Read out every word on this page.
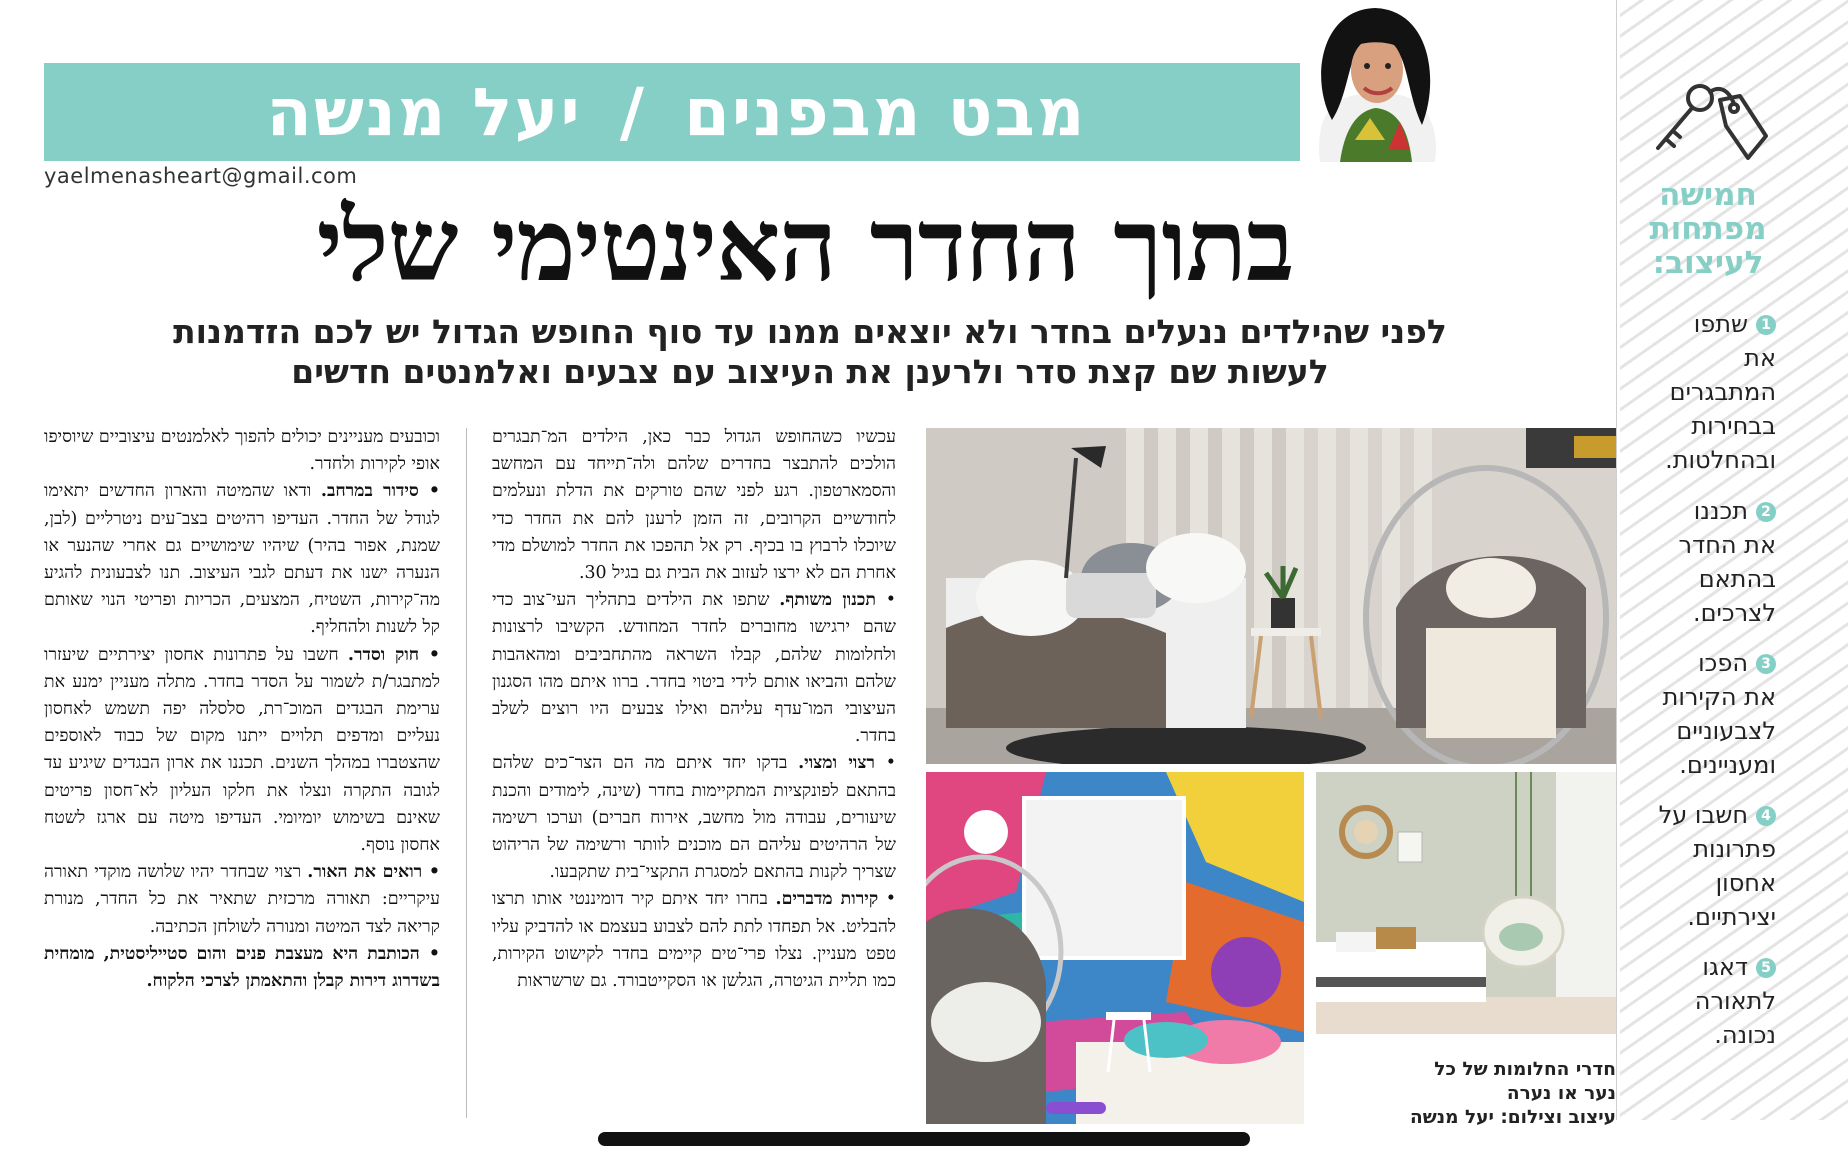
מבט מבפנים
/
יעל מנשה
yaelmenasheart@gmail.com
בתוך החדר האינטימי שלי
לפני שהילדים ננעלים בחדר ולא יוצאים ממנו עד סוף החופש הגדול יש לכם הזדמנות
לעשות שם קצת סדר ולרענן את העיצוב עם צבעים ואלמנטים חדשים

עכשיו כשהחופש הגדול כבר כאן, הילדים המ־תבגרים הולכים להתבצר בחדרים שלהם ולה־תייחד עם המחשב והסמארטפון. רגע לפני שהם טורקים את הדלת ונעלמים לחודשיים הקרובים, זה הזמן לרענן להם את החדר כדי שיוכלו לרבוץ בו בכיף. רק אל תהפכו את החדר למושלם מדי אחרת הם לא ירצו לעזוב את הבית גם בגיל 30.

• תכנון משותף. שתפו את הילדים בתהליך העי־צוב כדי שהם ירגישו מחוברים לחדר המחודש. הקשיבו לרצונות ולחלומות שלהם, קבלו השראה מהתחביבים ומהאהבות שלהם והביאו אותם לידי ביטוי בחדר. ברוו איתם מהו הסגנון העיצובי המו־עדף עליהם ואילו צבעים היו רוצים לשלב בחדר.

• רצוי ומצוי. בדקו יחד איתם מה הם הצר־כים שלהם בהתאם לפונקציות המתקיימות בחדר (שינה, לימודים והכנת שיעורים, עבודה מול מחשב, אירוח חברים) וערכו רשימה של הרהיטים עליהם הם מוכנים לוותר ורשימה של הריהוט שצריך לקנות בהתאם למסגרת התקצי־בית שתקבעו.

• קירות מדברים. בחרו יחד איתם קיר דומיננטי אותו תרצו להבליט. אל תפחדו לתת להם לצבוע בעצמם או להדביק עליו טפט מעניין. נצלו פרי־טים קיימים בחדר לקישוט הקירות, כמו תליית הגיטרה, הגלשן או הסקייטבורד. גם שרשראות

וכובעים מעניינים יכולים להפוך לאלמנטים עיצוביים שיוסיפו אופי לקירות ולחדר.

• סידור במרחב. ודאו שהמיטה והארון החדשים יתאימו לגודל של החדר. העדיפו רהיטים בצב־עים ניטרליים (לבן, שמנת, אפור בהיר) שיהיו שימושיים גם אחרי שהנער או הנערה ישנו את דעתם לגבי העיצוב. תנו לצבעונית להגיע מה־קירות, השטיח, המצעים, הכריות ופריטי הנוי שאותם קל לשנות ולהחליף.

• חוק וסדר. חשבו על פתרונות אחסון יצירתיים שיעזרו למתבגר/ת לשמור על הסדר בחדר. מתלה מעניין ימנע את ערימת הבגדים המוכ־רת, סלסלה יפה תשמש לאחסון נעליים ומדפים תלויים ייתנו מקום של כבוד לאוספים שהצטברו במהלך השנים. תכננו את ארון הבגדים שיגיע עד לגובה התקרה ונצלו את חלקו העליון לא־חסון פריטים שאינם בשימוש יומיומי. העדיפו מיטה עם ארגז לשטח אחסון נוסף.

• רואים את האור. רצוי שבחדר יהיו שלושה מוקדי תאורה עיקריים: תאורה מרכזית שתאיר את כל החדר, מנורת קריאה לצד המיטה ומנורה לשולחן הכתיבה.

• הכותבת היא מעצבת פנים והום סטייליסטית, מומחית בשדרוג דירות קבלן והתאמתן לצרכי הלקוח.

חדרי החלומות של כל
נער או נערה
עיצוב וצילום: יעל מנשה
חמישה
מפתחות
לעיצוב:
1שתפו
את
המתבגרים
בבחירות
ובהחלטות.
2תכננו
את החדר
בהתאם
לצרכים.
3הפכו
את הקירות
לצבעוניים
ומעניינים.
4חשבו על
פתרונות
אחסון
יצירתיים.
5דאגו
לתאורה
נכונה.
